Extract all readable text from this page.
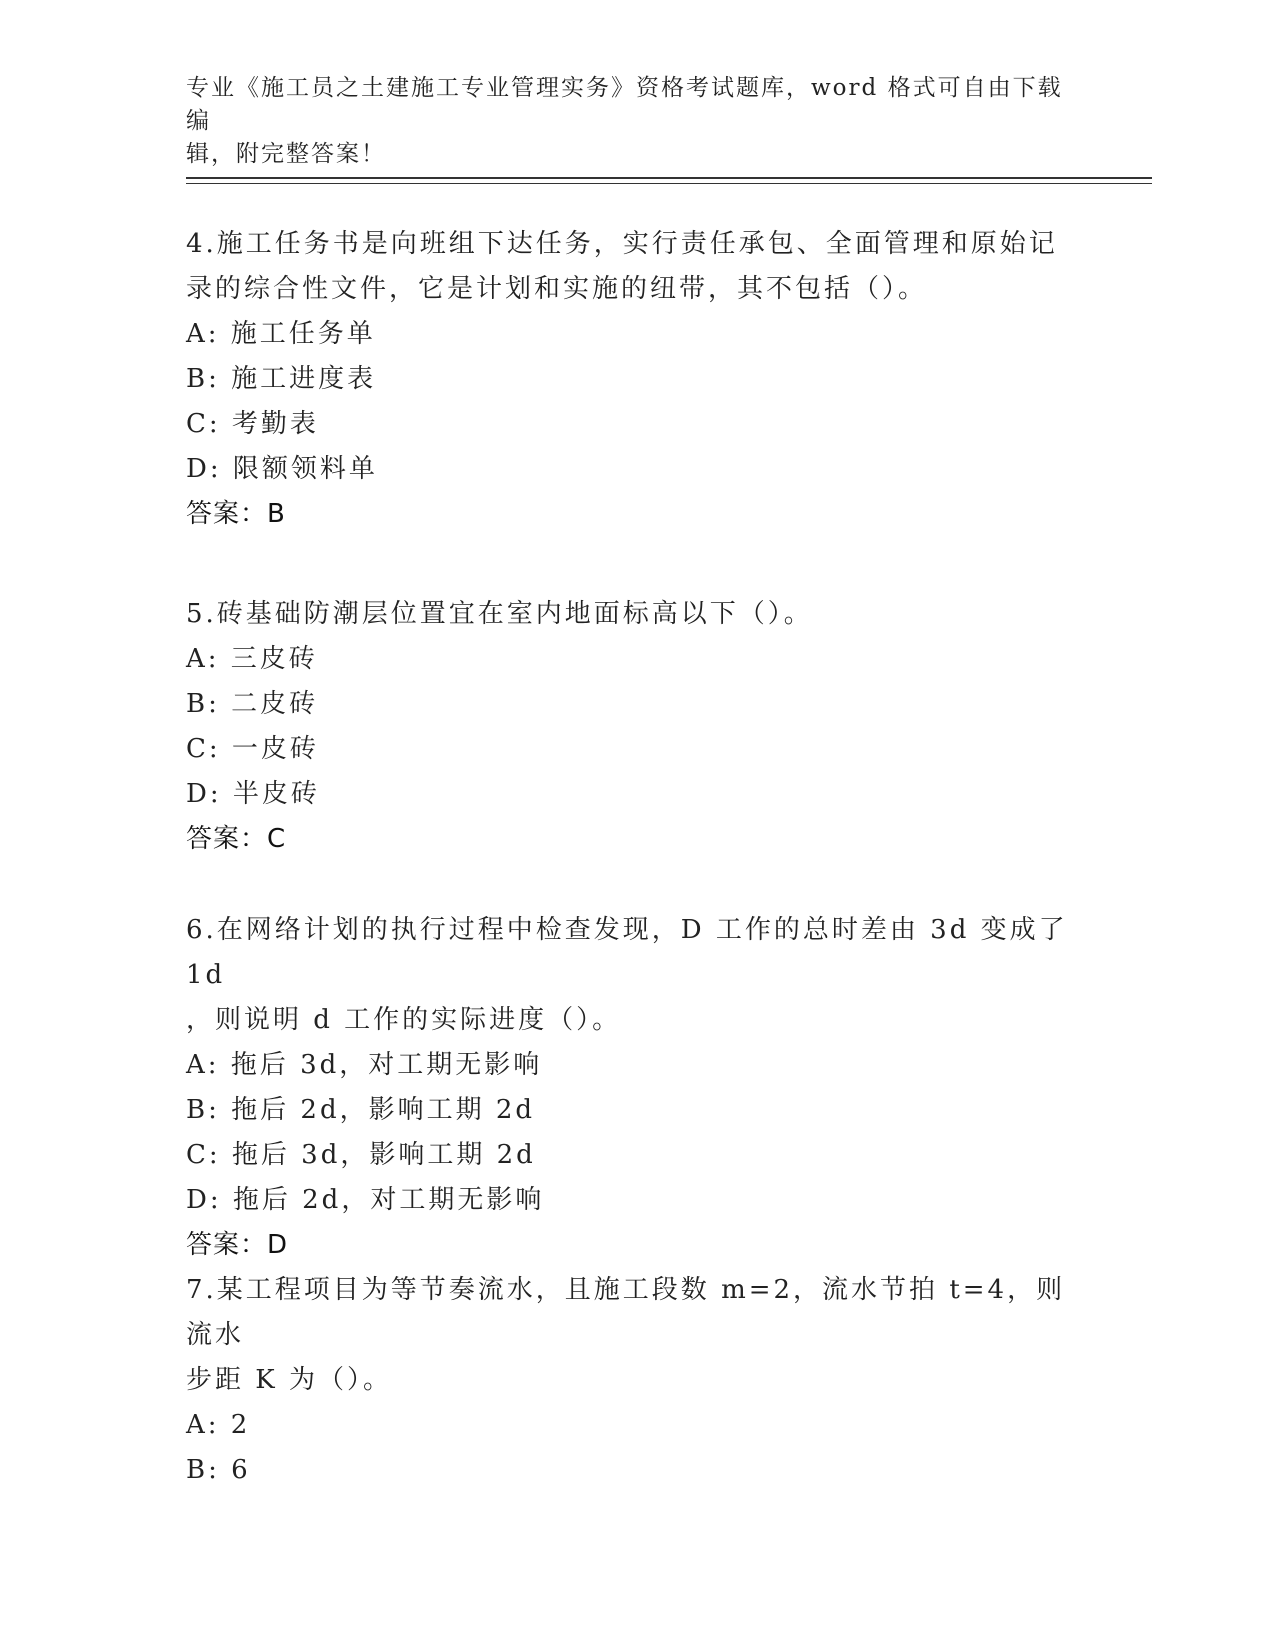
专业《施工员之土建施工专业管理实务》资格考试题库，word 格式可自由下载编
辑，附完整答案！

4.施工任务书是向班组下达任务，实行责任承包、全面管理和原始记

录的综合性文件，它是计划和实施的纽带，其不包括（）。

A: 施工任务单

B: 施工进度表

C: 考勤表

D: 限额领料单

答案：B

5.砖基础防潮层位置宜在室内地面标高以下（）。

A: 三皮砖

B: 二皮砖

C: 一皮砖

D: 半皮砖

答案：C

6.在网络计划的执行过程中检查发现，D 工作的总时差由 3d 变成了 1d

，则说明 d 工作的实际进度（）。

A: 拖后 3d，对工期无影响

B: 拖后 2d，影响工期 2d

C: 拖后 3d，影响工期 2d

D: 拖后 2d，对工期无影响

答案：D

7.某工程项目为等节奏流水，且施工段数 m=2，流水节拍 t=4，则流水

步距 K 为（）。

A: 2

B: 6
